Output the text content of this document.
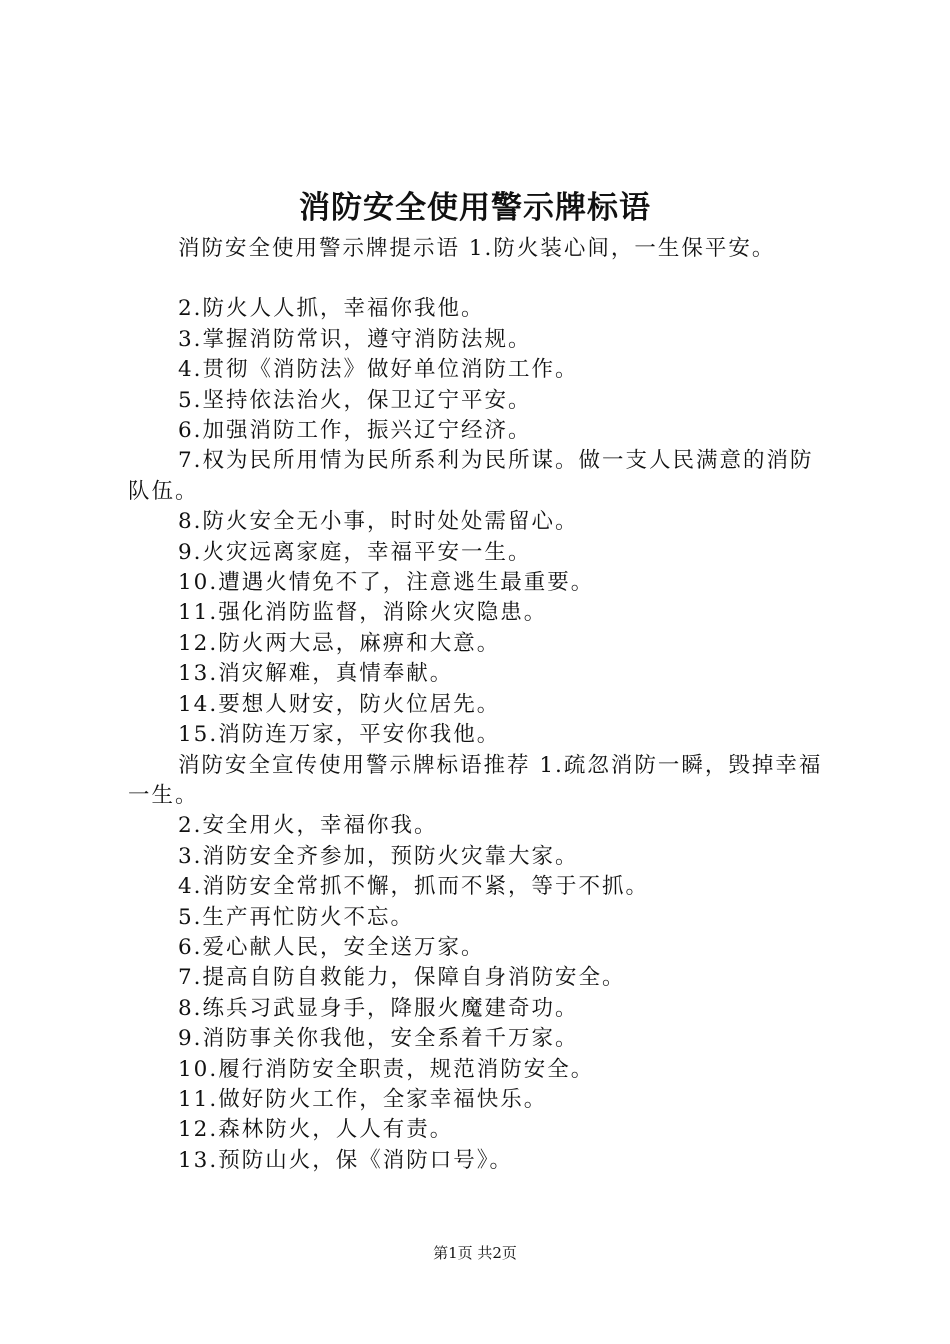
消防安全使用警示牌标语

消防安全使用警示牌提示语 1.防火装心间，一生保平安。

2.防火人人抓，幸福你我他。

3.掌握消防常识，遵守消防法规。

4.贯彻《消防法》做好单位消防工作。

5.坚持依法治火，保卫辽宁平安。

6.加强消防工作，振兴辽宁经济。

7.权为民所用情为民所系利为民所谋。做一支人民满意的消防队伍。

8.防火安全无小事，时时处处需留心。

9.火灾远离家庭，幸福平安一生。

10.遭遇火情免不了，注意逃生最重要。

11.强化消防监督，消除火灾隐患。

12.防火两大忌，麻痹和大意。

13.消灾解难，真情奉献。

14.要想人财安，防火位居先。

15.消防连万家，平安你我他。

消防安全宣传使用警示牌标语推荐 1.疏忽消防一瞬，毁掉幸福一生。

2.安全用火，幸福你我。

3.消防安全齐参加，预防火灾靠大家。

4.消防安全常抓不懈，抓而不紧，等于不抓。

5.生产再忙防火不忘。

6.爱心献人民，安全送万家。

7.提高自防自救能力，保障自身消防安全。

8.练兵习武显身手，降服火魔建奇功。

9.消防事关你我他，安全系着千万家。

10.履行消防安全职责，规范消防安全。

11.做好防火工作，全家幸福快乐。

12.森林防火，人人有责。

13.预防山火，保《消防口号》。

第1页 共2页
